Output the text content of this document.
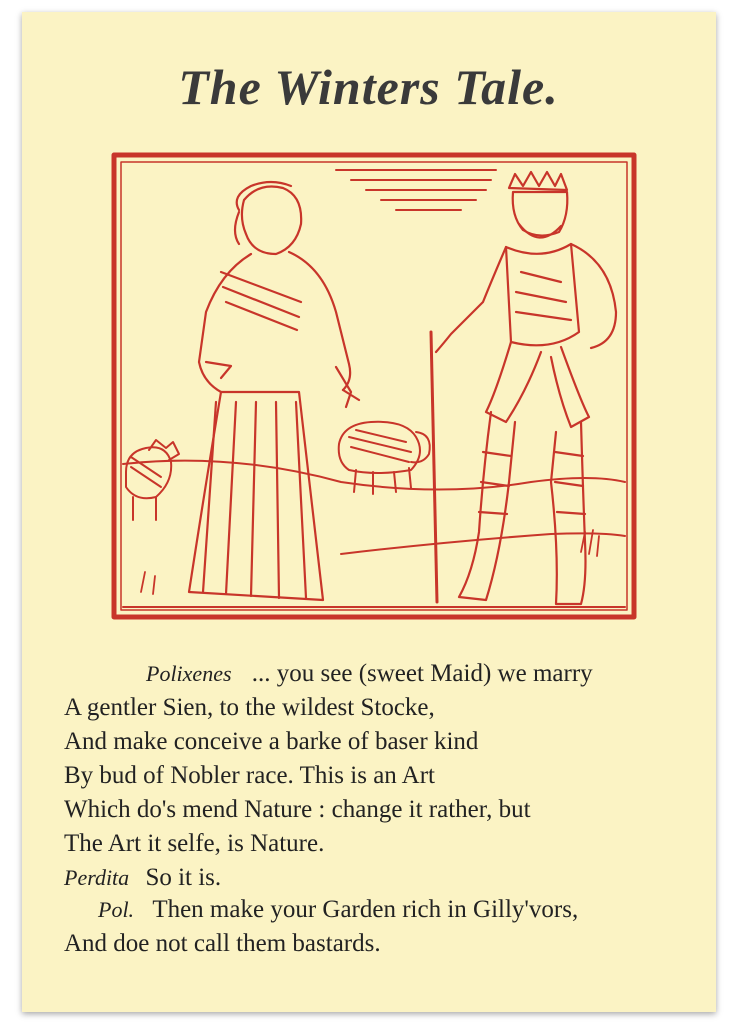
The Winters Tale.
Polixenes ... you see (sweet Maid) we marry
A gentler Sien, to the wildest Stocke,
And make conceive a barke of baser kind
By bud of Nobler race. This is an Art
Which do's mend Nature : change it rather, but
The Art it selfe, is Nature.
Perdita So it is.
Pol. Then make your Garden rich in Gilly'vors,
And doe not call them bastards.
